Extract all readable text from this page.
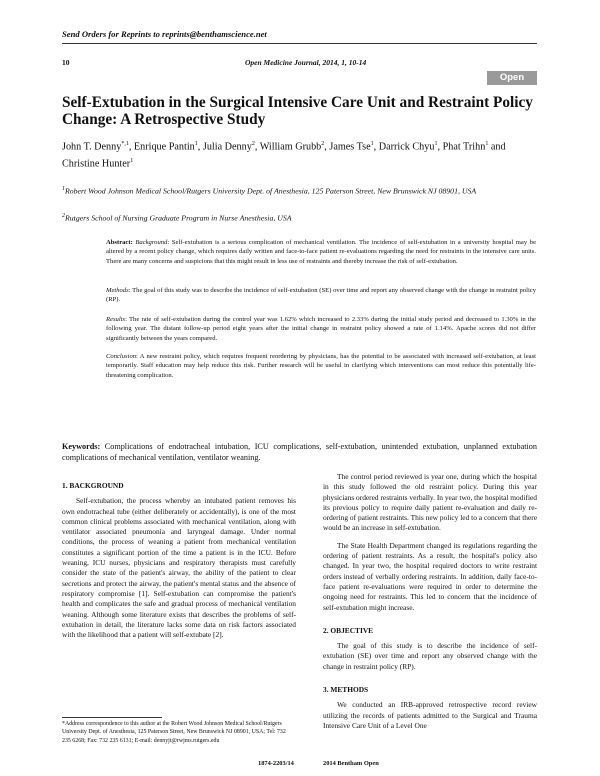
Send Orders for Reprints to reprints@benthamscience.net
10	Open Medicine Journal, 2014, 1, 10-14
Open Access
Self-Extubation in the Surgical Intensive Care Unit and Restraint Policy Change: A Retrospective Study
John T. Denny$^{*,1}$, Enrique Pantin$^1$, Julia Denny$^2$, William Grubb$^2$, James Tse$^1$, Darrick Chyu$^1$, Phat Trihn$^1$ and Christine Hunter$^1$
$^1$Robert Wood Johnson Medical School/Rutgers University Dept. of Anesthesia, 125 Paterson Street, New Brunswick NJ 08901, USA
$^2$Rutgers School of Nursing Graduate Program in Nurse Anesthesia, USA
Abstract: Background: Self-extubation is a serious complication of mechanical ventilation. The incidence of self-extubation in a university hospital may be altered by a recent policy change, which requires daily written and face-to-face patient re-evaluations regarding the need for restraints in the intensive care units. There are many concerns and suspicions that this might result in less use of restraints and thereby increase the risk of self-extubation.
Methods: The goal of this study was to describe the incidence of self-extubation (SE) over time and report any observed change with the change in restraint policy (RP).
Results: The rate of self-extubation during the control year was 1.62% which increased to 2.33% during the initial study period and decreased to 1.30% in the following year. The distant follow-up period eight years after the initial change in restraint policy showed a rate of 1.14%. Apache scores did not differ significantly between the years compared.
Conclusion: A new restraint policy, which requires frequent reordering by physicians, has the potential to be associated with increased self-extubation, at least temporarily. Staff education may help reduce this risk. Further research will be useful in clarifying which interventions can most reduce this potentially life-threatening complication.
Keywords: Complications of endotracheal intubation, ICU complications, self-extubation, unintended extubation, unplanned extubation complications of mechanical ventilation, ventilator weaning.
1. BACKGROUND

Self-extubation, the process whereby an intubated patient removes his own endotracheal tube (either deliberately or accidentally), is one of the most common clinical problems associated with mechanical ventilation, along with ventilator associated pneumonia and laryngeal damage. Under normal conditions, the process of weaning a patient from mechanical ventilation constitutes a significant portion of the time a patient is in the ICU. Before weaning, ICU nurses, physicians and respiratory therapists must carefully consider the state of the patient's airway, the ability of the patient to clear secretions and protect the airway, the patient's mental status and the absence of respiratory compromise [1]. Self-extubation can compromise the patient's health and complicates the safe and gradual process of mechanical ventilation weaning. Although some literature exists that describes the problems of self-extubation in detail, the literature lacks some data on risk factors associated with the likelihood that a patient will self-extubate [2].

*Address correspondence to this author at the Robert Wood Johnson Medical School/Rutgers University Dept. of Anesthesia, 125 Paterson Street, New Brunswick NJ 08901, USA; Tel: 732 235 6268; Fax: 732 235 6131; E-mail: dennyjt@rwjms.rutgers.edu

The control period reviewed is year one, during which the hospital in this study followed the old restraint policy. During this year physicians ordered restraints verbally. In year two, the hospital modified its previous policy to require daily patient re-evaluation and daily re-ordering of patient restraints. This new policy led to a concern that there would be an increase in self-extubation.

The State Health Department changed its regulations regarding the ordering of patient restraints. As a result, the hospital's policy also changed. In year two, the hospital required doctors to write restraint orders instead of verbally ordering restraints. In addition, daily face-to-face patient re-evaluations were required in order to determine the ongoing need for restraints. This led to concern that the incidence of self-extubation might increase.

2. OBJECTIVE

The goal of this study is to describe the incidence of self-extubation (SE) over time and report any observed change with the change in restraint policy (RP).

3. METHODS

We conducted an IRB-approved retrospective record review utilizing the records of patients admitted to the Surgical and Trauma Intensive Care Unit of a Level One

1874-2203/14	2014 Bentham Open
